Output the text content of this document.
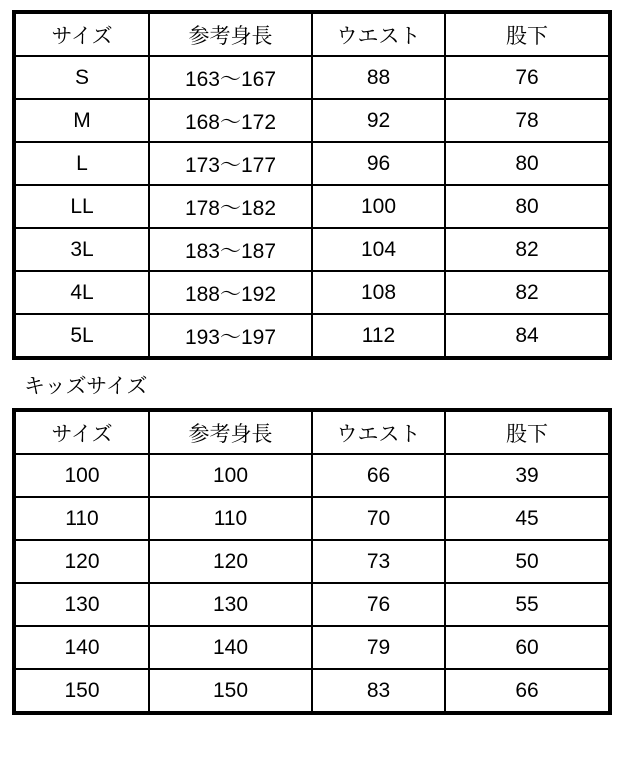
サイズ	参考身長	ウエスト	股下
S	163〜167	88	76
M	168〜172	92	78
L	173〜177	96	80
LL	178〜182	100	80
3L	183〜187	104	82
4L	188〜192	108	82
5L	193〜197	112	84
キッズサイズ
サイズ	参考身長	ウエスト	股下
100	100	66	39
110	110	70	45
120	120	73	50
130	130	76	55
140	140	79	60
150	150	83	66
